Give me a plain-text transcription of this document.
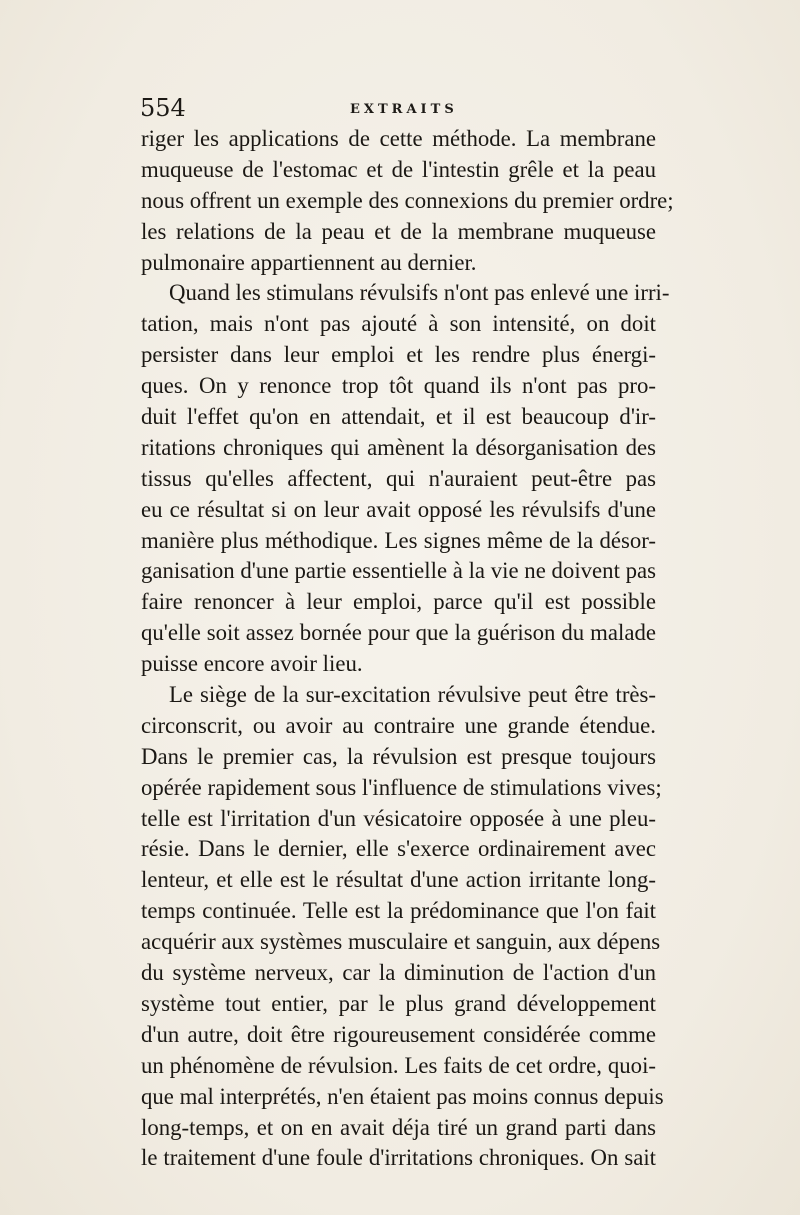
554	EXTRAITS
riger les applications de cette méthode. La membrane
muqueuse de l'estomac et de l'intestin grêle et la peau
nous offrent un exemple des connexions du premier ordre;
les relations de la peau et de la membrane muqueuse
pulmonaire appartiennent au dernier.
Quand les stimulans révulsifs n'ont pas enlevé une irri-
tation, mais n'ont pas ajouté à son intensité, on doit
persister dans leur emploi et les rendre plus énergi-
ques. On y renonce trop tôt quand ils n'ont pas pro-
duit l'effet qu'on en attendait, et il est beaucoup d'ir-
ritations chroniques qui amènent la désorganisation des
tissus qu'elles affectent, qui n'auraient peut-être pas
eu ce résultat si on leur avait opposé les révulsifs d'une
manière plus méthodique. Les signes même de la désor-
ganisation d'une partie essentielle à la vie ne doivent pas
faire renoncer à leur emploi, parce qu'il est possible
qu'elle soit assez bornée pour que la guérison du malade
puisse encore avoir lieu.
Le siège de la sur-excitation révulsive peut être très-
circonscrit, ou avoir au contraire une grande étendue.
Dans le premier cas, la révulsion est presque toujours
opérée rapidement sous l'influence de stimulations vives;
telle est l'irritation d'un vésicatoire opposée à une pleu-
résie. Dans le dernier, elle s'exerce ordinairement avec
lenteur, et elle est le résultat d'une action irritante long-
temps continuée. Telle est la prédominance que l'on fait
acquérir aux systèmes musculaire et sanguin, aux dépens
du système nerveux, car la diminution de l'action d'un
système tout entier, par le plus grand développement
d'un autre, doit être rigoureusement considérée comme
un phénomène de révulsion. Les faits de cet ordre, quoi-
que mal interprétés, n'en étaient pas moins connus depuis
long-temps, et on en avait déja tiré un grand parti dans
le traitement d'une foule d'irritations chroniques. On sait
